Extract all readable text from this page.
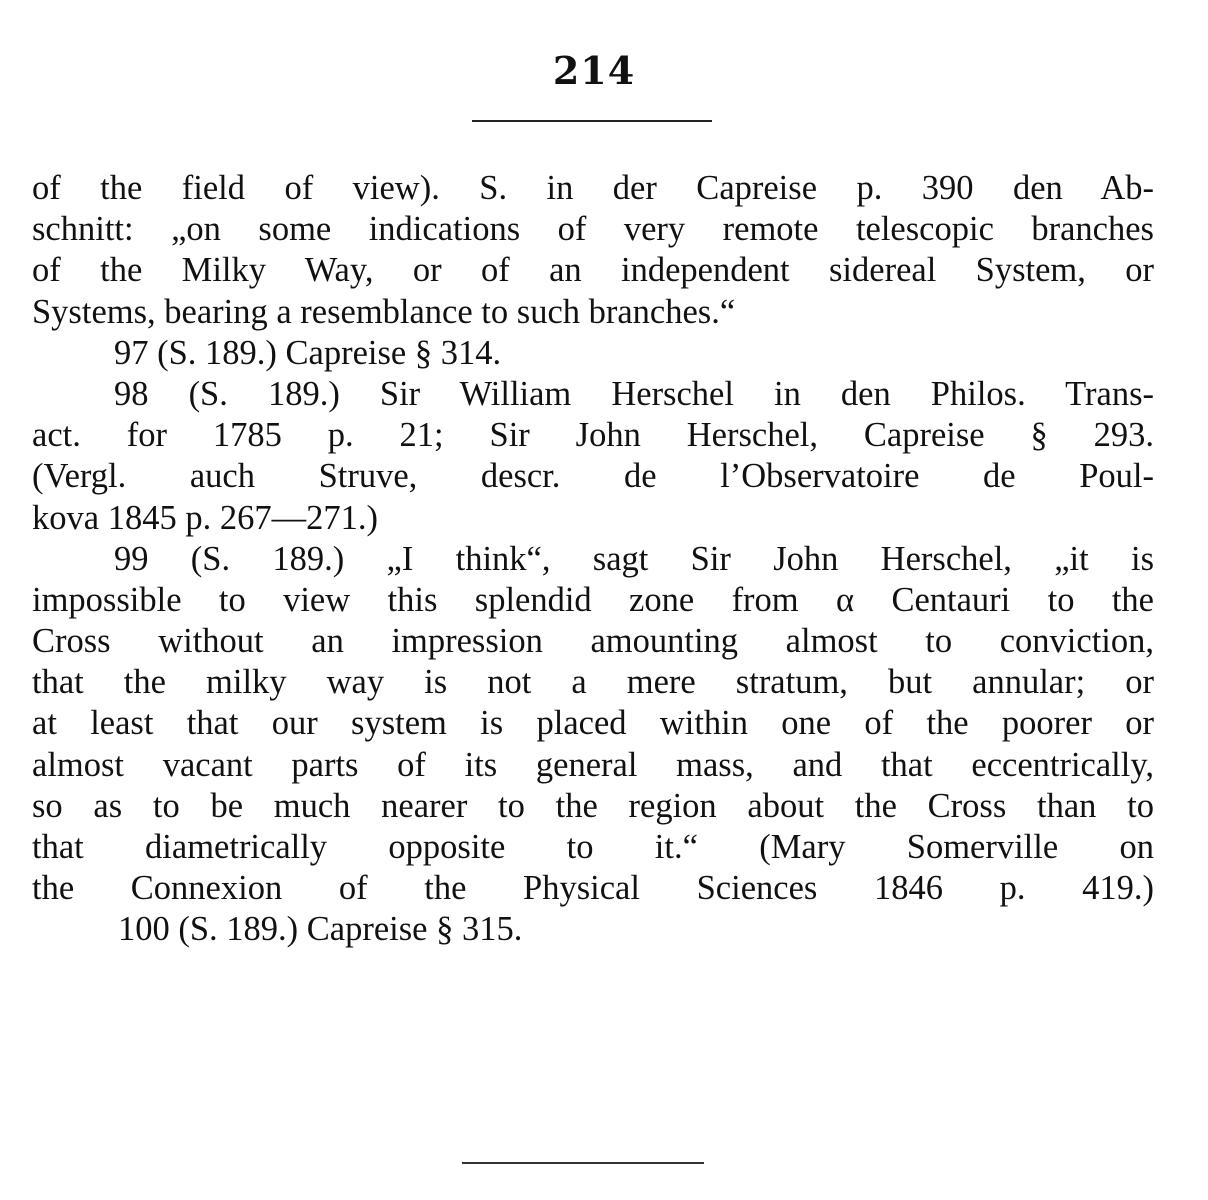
214
of the field of view). S. in der Capreise p. 390 den Ab-
schnitt: „on some indications of very remote telescopic branches
of the Milky Way, or of an independent sidereal System, or
Systems, bearing a resemblance to such branches.“
97 (S. 189.) Capreise § 314.
98 (S. 189.) Sir William Herschel in den Philos. Trans-
act. for 1785 p. 21; Sir John Herschel, Capreise § 293.
(Vergl. auch Struve, descr. de l’Observatoire de Poul-
kova 1845 p. 267—271.)
99 (S. 189.) „I think“, sagt Sir John Herschel, „it is
impossible to view this splendid zone from α Centauri to the
Cross without an impression amounting almost to conviction,
that the milky way is not a mere stratum, but annular; or
at least that our system is placed within one of the poorer or
almost vacant parts of its general mass, and that eccentrically,
so as to be much nearer to the region about the Cross than to
that diametrically opposite to it.“ (Mary Somerville on
the Connexion of the Physical Sciences 1846 p. 419.)
100 (S. 189.) Capreise § 315.
